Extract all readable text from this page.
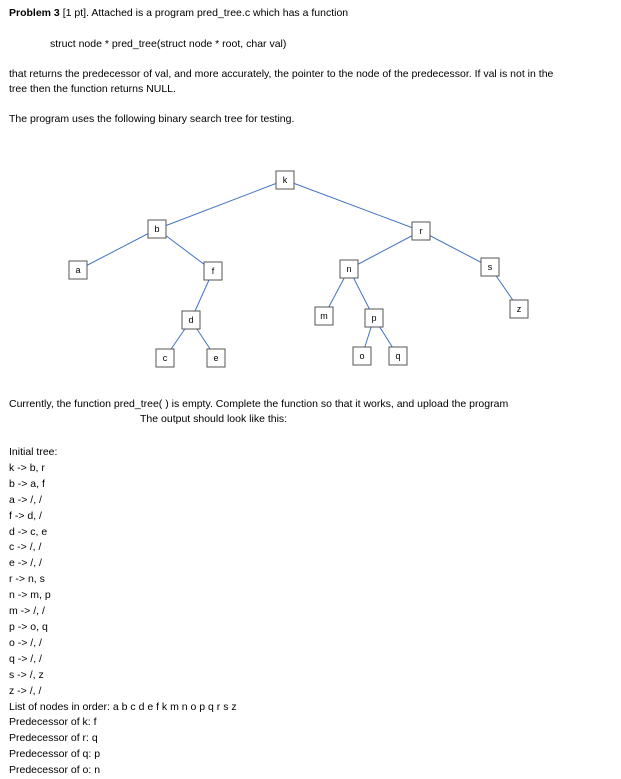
Problem 3 [1 pt]. Attached is a program pred_tree.c which has a function
struct node * pred_tree(struct node * root, char val)
that returns the predecessor of val, and more accurately, the pointer to the node of the predecessor. If val is not in the
tree then the function returns NULL.
The program uses the following binary search tree for testing.
k
b	r
a	f	n	s
d	m	p
z
c	e	o	q
Currently, the function pred_tree( ) is empty. Complete the function so that it works, and upload the program
The output should look like this:
Initial tree:
k -> b, r
b -> a, f
a -> /, /
f -> d, /
d -> c, e
c -> /, /
e -> /, /
r -> n, s
n -> m, p
m -> /, /
p -> o, q
o -> /, /
q -> /, /
s -> /, z
z -> /, /
List of nodes in order: a b c d e f k m n o p q r s z
Predecessor of k: f
Predecessor of r: q
Predecessor of q: p
Predecessor of o: n
